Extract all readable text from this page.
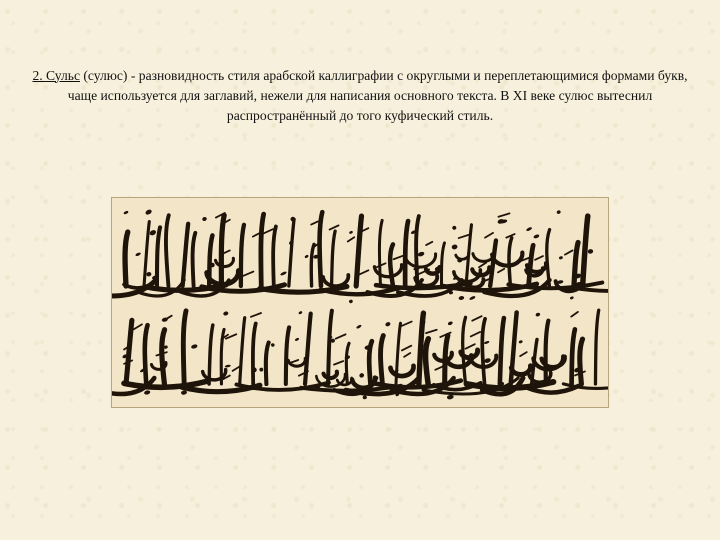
2. Сульс (сулюс) - разновидность стиля арабской каллиграфии с округлыми и переплетающимися формами букв, чаще используется для заглавий, нежели для написания основного текста. В XI веке сулюс вытеснил распространённый до того куфический стиль.
